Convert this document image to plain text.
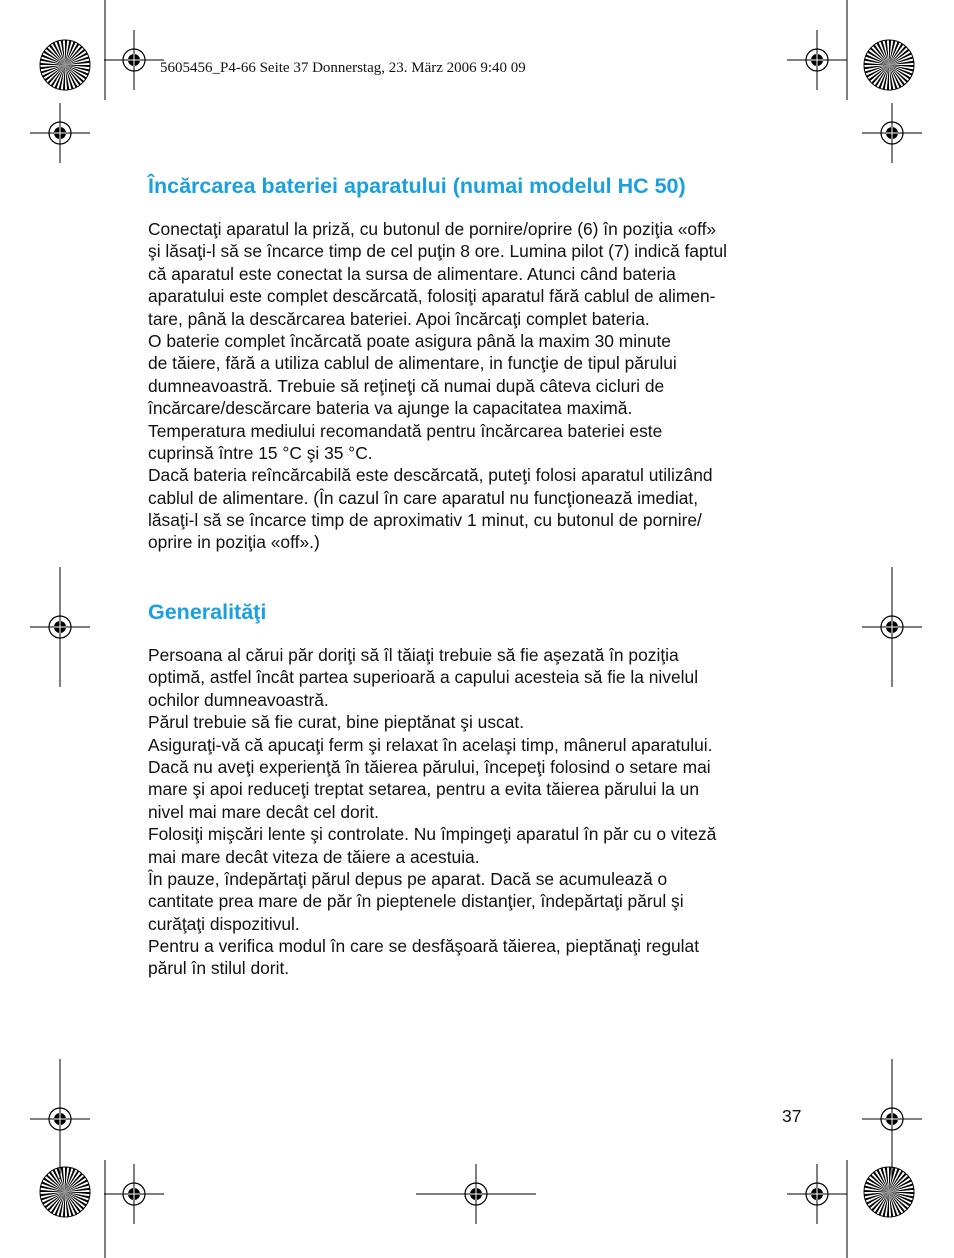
5605456_P4-66 Seite 37 Donnerstag, 23. März 2006 9:40 09
Încărcarea bateriei aparatului (numai modelul HC 50)
Conectaţi aparatul la priză, cu butonul de pornire/oprire (6) în poziţia «off»
şi lăsaţi-l să se încarce timp de cel puţin 8 ore. Lumina pilot (7) indică faptul
că aparatul este conectat la sursa de alimentare. Atunci când bateria
aparatului este complet descărcată, folosiţi aparatul fără cablul de alimen-
tare, până la descărcarea bateriei. Apoi încărcaţi complet bateria.
O baterie complet încărcată poate asigura până la maxim 30 minute
de tăiere, fără a utiliza cablul de alimentare, in funcţie de tipul părului
dumneavoastră. Trebuie să reţineţi că numai după câteva cicluri de
încărcare/descărcare bateria va ajunge la capacitatea maximă.
Temperatura mediului recomandată pentru încărcarea bateriei este
cuprinsă între 15 °C şi 35 °C.
Dacă bateria reîncărcabilă este descărcată, puteţi folosi aparatul utilizând
cablul de alimentare. (În cazul în care aparatul nu funcţionează imediat,
lăsaţi-l să se încarce timp de aproximativ 1 minut, cu butonul de pornire/
oprire in poziţia «off».)
Generalităţi
Persoana al cărui păr doriţi să îl tăiaţi trebuie să fie aşezată în poziţia
optimă, astfel încât partea superioară a capului acesteia să fie la nivelul
ochilor dumneavoastră.
Părul trebuie să fie curat, bine pieptănat şi uscat.
Asiguraţi-vă că apucaţi ferm şi relaxat în acelaşi timp, mânerul aparatului.
Dacă nu aveţi experienţă în tăierea părului, începeţi folosind o setare mai
mare şi apoi reduceţi treptat setarea, pentru a evita tăierea părului la un
nivel mai mare decât cel dorit.
Folosiţi mişcări lente şi controlate. Nu împingeţi aparatul în păr cu o viteză
mai mare decât viteza de tăiere a acestuia.
În pauze, îndepărtaţi părul depus pe aparat. Dacă se acumulează o
cantitate prea mare de păr în pieptenele distanţier, îndepărtaţi părul şi
curăţaţi dispozitivul.
Pentru a verifica modul în care se desfăşoară tăierea, pieptănaţi regulat
părul în stilul dorit.
37
